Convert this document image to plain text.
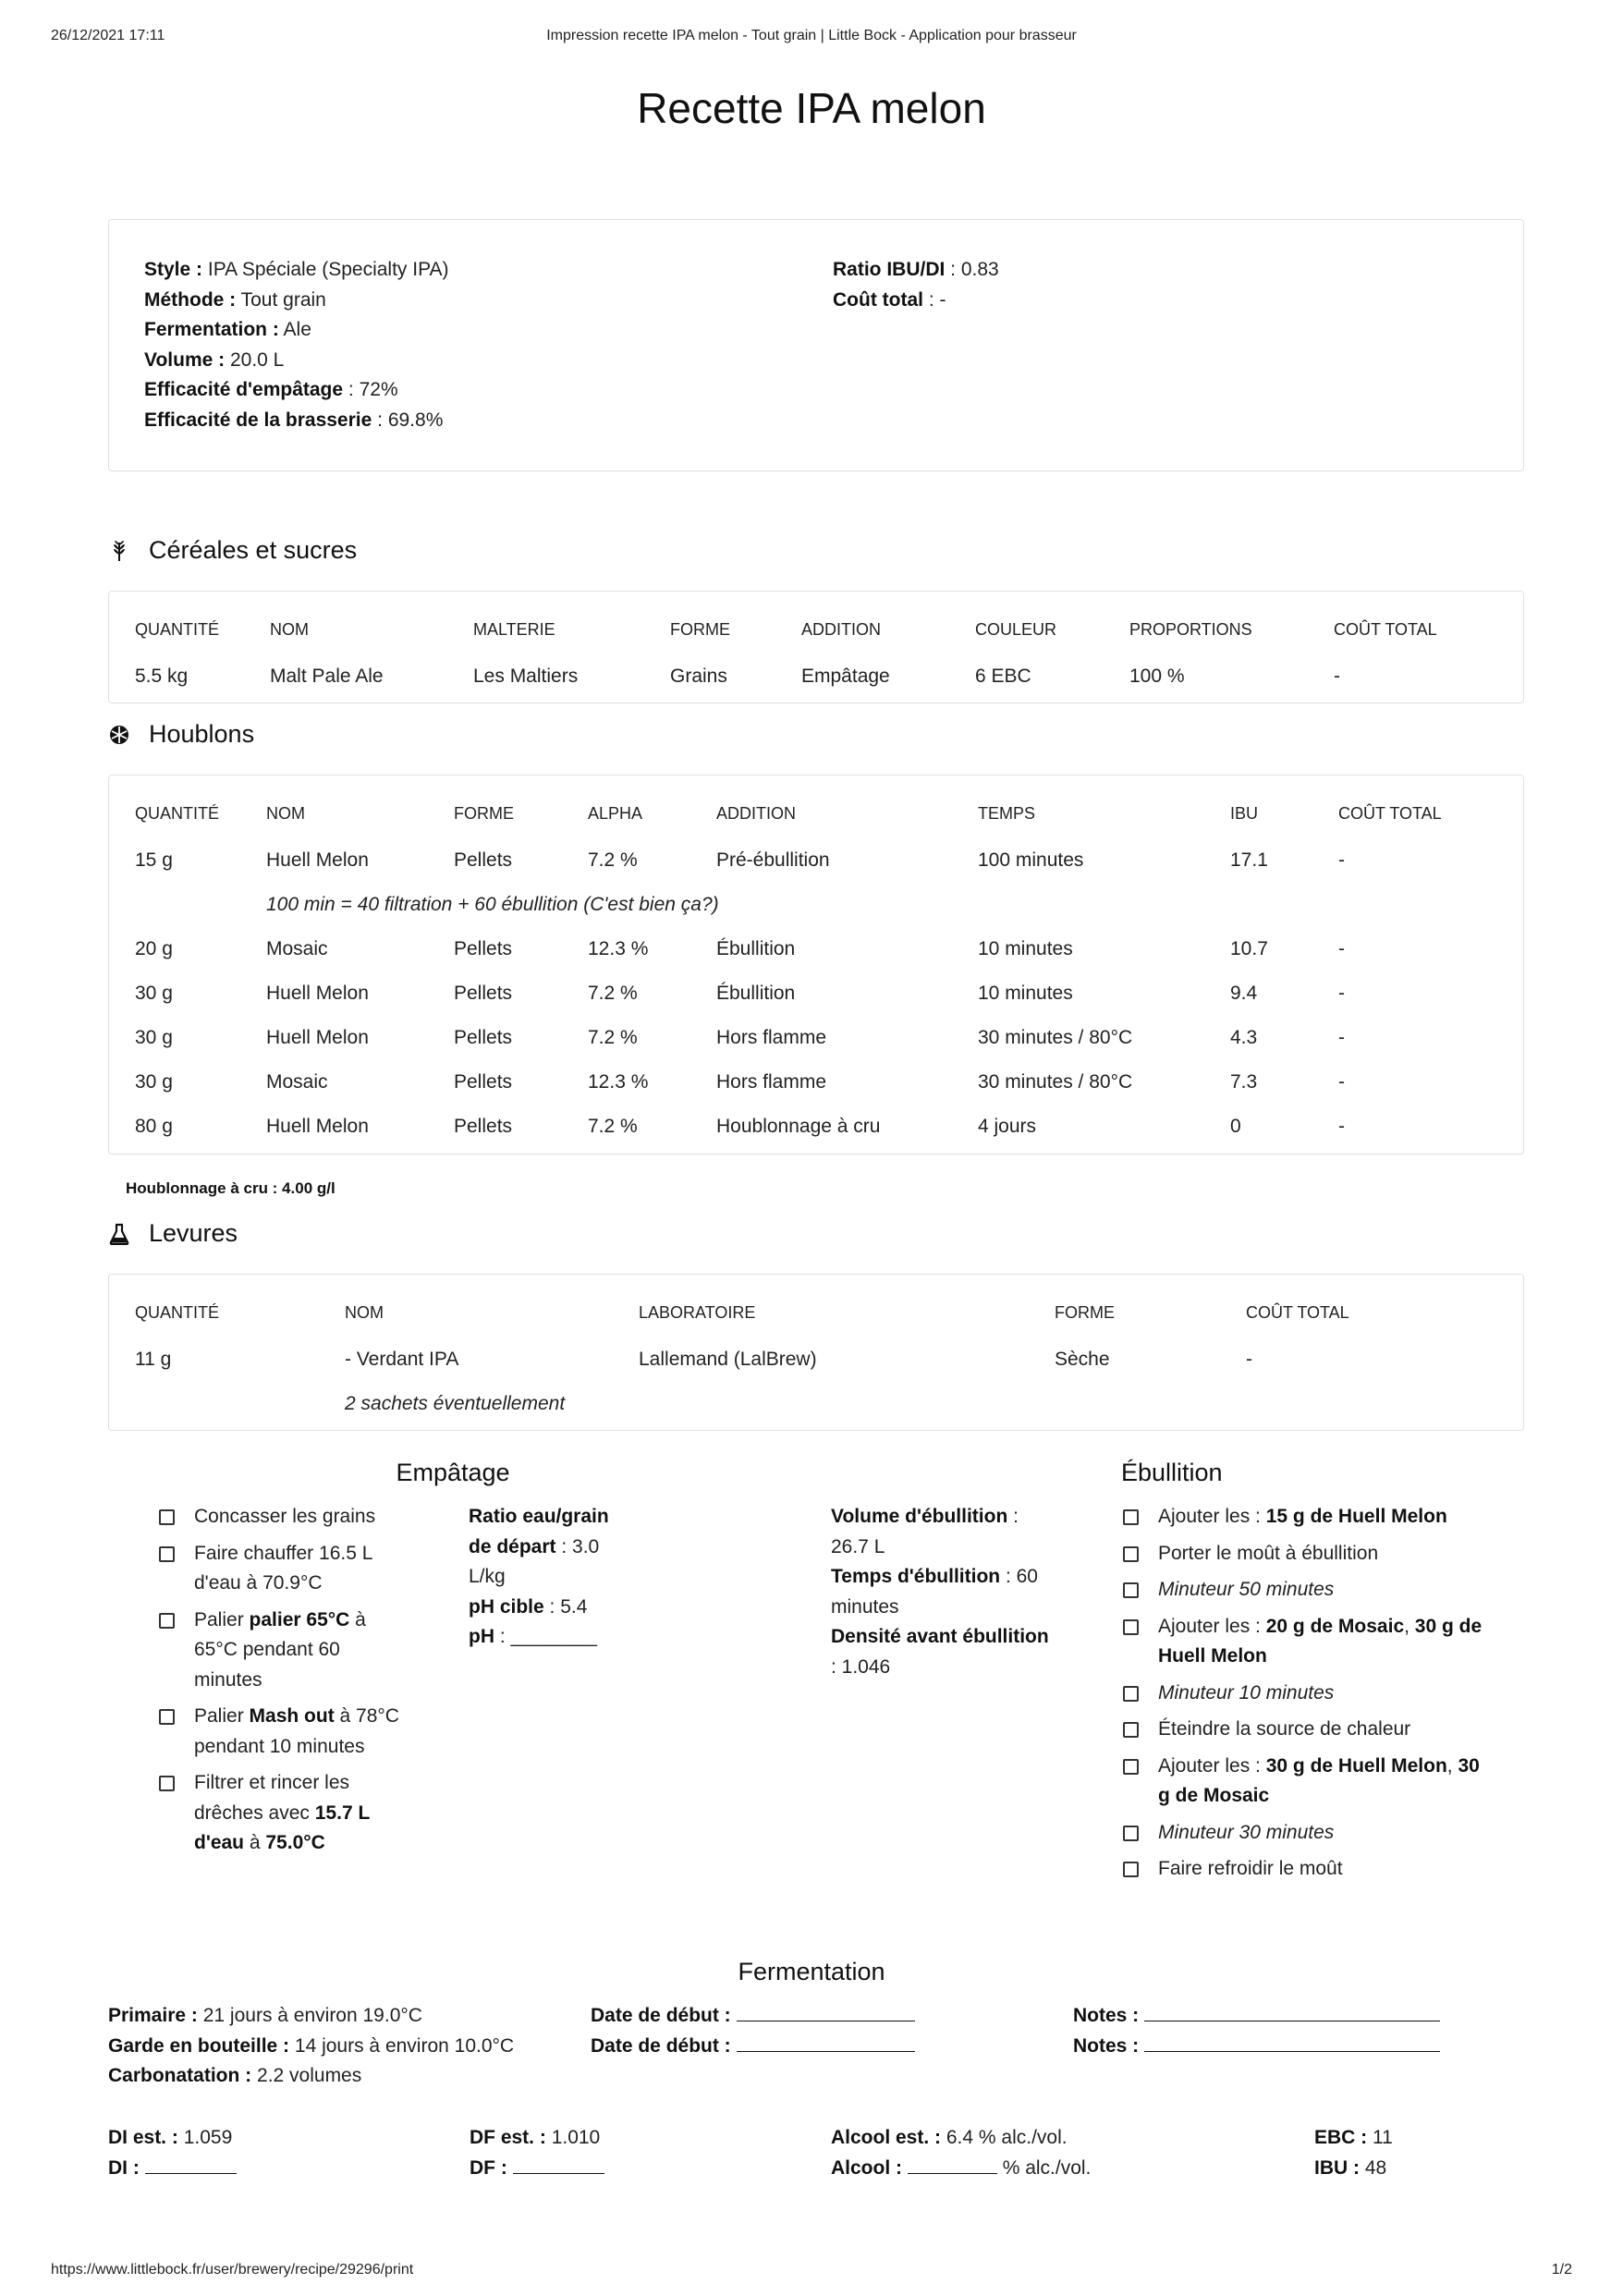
26/12/2021 17:11	Impression recette IPA melon - Tout grain | Little Bock - Application pour brasseur
Recette IPA melon
Style : IPA Spéciale (Specialty IPA)
Méthode : Tout grain
Fermentation : Ale
Volume : 20.0 L
Efficacité d'empâtage : 72%
Efficacité de la brasserie : 69.8%
Ratio IBU/DI : 0.83
Coût total : -
Céréales et sucres
QUANTITÉ	NOM	MALTERIE	FORME	ADDITION	COULEUR	PROPORTIONS	COÛT TOTAL
5.5 kg	Malt Pale Ale	Les Maltiers	Grains	Empâtage	6 EBC	100 %	-
Houblons
QUANTITÉ	NOM	FORME	ALPHA	ADDITION	TEMPS	IBU	COÛT TOTAL
15 g	Huell Melon	Pellets	7.2 %	Pré-ébullition	100 minutes	17.1	-
	100 min = 40 filtration + 60 ébullition (C'est bien ça?)						
20 g	Mosaic	Pellets	12.3 %	Ébullition	10 minutes	10.7	-
30 g	Huell Melon	Pellets	7.2 %	Ébullition	10 minutes	9.4	-
30 g	Huell Melon	Pellets	7.2 %	Hors flamme	30 minutes / 80°C	4.3	-
30 g	Mosaic	Pellets	12.3 %	Hors flamme	30 minutes / 80°C	7.3	-
80 g	Huell Melon	Pellets	7.2 %	Houblonnage à cru	4 jours	0	-
Houblonnage à cru : 4.00 g/l
Levures
QUANTITÉ	NOM	LABORATOIRE	FORME	COÛT TOTAL
11 g	- Verdant IPA	Lallemand (LalBrew)	Sèche	-
	2 sachets éventuellement			
Empâtage
Concasser les grains
Faire chauffer 16.5 L d'eau à 70.9°C
Palier palier 65°C à 65°C pendant 60 minutes
Palier Mash out à 78°C pendant 10 minutes
Filtrer et rincer les drêches avec 15.7 L d'eau à 75.0°C
Ratio eau/grain de départ : 3.0 L/kg
pH cible : 5.4
pH : ________
Volume d'ébullition : 26.7 L
Temps d'ébullition : 60 minutes
Densité avant ébullition : 1.046
Ébullition
Ajouter les : 15 g de Huell Melon
Porter le moût à ébullition
Minuteur 50 minutes
Ajouter les : 20 g de Mosaic, 30 g de Huell Melon
Minuteur 10 minutes
Éteindre la source de chaleur
Ajouter les : 30 g de Huell Melon, 30 g de Mosaic
Minuteur 30 minutes
Faire refroidir le moût
Fermentation
Primaire : 21 jours à environ 19.0°C
Garde en bouteille : 14 jours à environ 10.0°C
Carbonatation : 2.2 volumes
Date de début :
Date de début :
Notes :
Notes :
DI est. : 1.059
DI :
DF est. : 1.010
DF :
Alcool est. : 6.4 % alc./vol.
Alcool :	% alc./vol.
EBC : 11
IBU : 48
https://www.littlebock.fr/user/brewery/recipe/29296/print	1/2
